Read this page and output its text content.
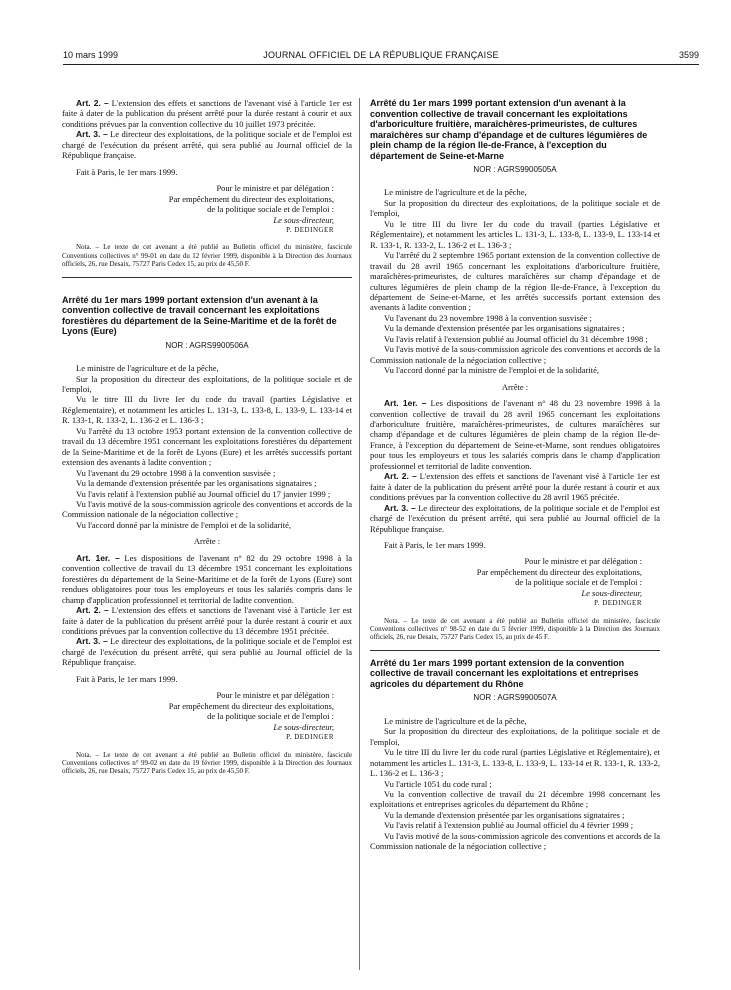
10 mars 1999	JOURNAL OFFICIEL DE LA RÉPUBLIQUE FRANÇAISE	3599

Art. 2. – L'extension des effets et sanctions de l'avenant visé à l'article 1er est faite à dater de la publication du présent arrêté pour la durée restant à courir et aux conditions prévues par la convention collective du 10 juillet 1973 précitée.

Art. 3. – Le directeur des exploitations, de la politique sociale et de l'emploi est chargé de l'exécution du présent arrêté, qui sera publié au Journal officiel de la République française.

Fait à Paris, le 1er mars 1999.

Pour le ministre et par délégation :

Par empêchement du directeur des exploitations,

de la politique sociale et de l'emploi :

Le sous-directeur,

P. DEDINGER

Nota. – Le texte de cet avenant a été publié au Bulletin officiel du ministère, fascicule Conventions collectives n° 99-01 en date du 12 février 1999, disponible à la Direction des Journaux officiels, 26, rue Desaix, 75727 Paris Cedex 15, au prix de 45,50 F.

Arrêté du 1er mars 1999 portant extension d'un avenant à la convention collective de travail concernant les exploitations forestières du département de la Seine-Maritime et de la forêt de Lyons (Eure)

NOR : AGRS9900506A

Le ministre de l'agriculture et de la pêche,

Sur la proposition du directeur des exploitations, de la politique sociale et de l'emploi,

Vu le titre III du livre Ier du code du travail (parties Législative et Réglementaire), et notamment les articles L. 131-3, L. 133-8, L. 133-9, L. 133-14 et R. 133-1, R. 133-2, L. 136-2 et L. 136-3 ;

Vu l'arrêté du 13 octobre 1953 portant extension de la convention collective de travail du 13 décembre 1951 concernant les exploitations forestières du département de la Seine-Maritime et de la forêt de Lyons (Eure) et les arrêtés successifs portant extension des avenants à ladite convention ;

Vu l'avenant du 29 octobre 1998 à la convention susvisée ;

Vu la demande d'extension présentée par les organisations signataires ;

Vu l'avis relatif à l'extension publié au Journal officiel du 17 janvier 1999 ;

Vu l'avis motivé de la sous-commission agricole des conventions et accords de la Commission nationale de la négociation collective ;

Vu l'accord donné par la ministre de l'emploi et de la solidarité,

Arrête :

Art. 1er. – Les dispositions de l'avenant n° 82 du 29 octobre 1998 à la convention collective de travail du 13 décembre 1951 concernant les exploitations forestières du département de la Seine-Maritime et de la forêt de Lyons (Eure) sont rendues obligatoires pour tous les employeurs et tous les salariés compris dans le champ d'application professionnel et territorial de ladite convention.

Art. 2. – L'extension des effets et sanctions de l'avenant visé à l'article 1er est faite à dater de la publication du présent arrêté pour la durée restant à courir et aux conditions prévues par la convention collective du 13 décembre 1951 précitée.

Art. 3. – Le directeur des exploitations, de la politique sociale et de l'emploi est chargé de l'exécution du présent arrêté, qui sera publié au Journal officiel de la République française.

Fait à Paris, le 1er mars 1999.

Pour le ministre et par délégation :

Par empêchement du directeur des exploitations,

de la politique sociale et de l'emploi :

Le sous-directeur,

P. DEDINGER

Nota. – Le texte de cet avenant a été publié au Bulletin officiel du ministère, fascicule Conventions collectives n° 99-02 en date du 19 février 1999, disponible à la Direction des Journaux officiels, 26, rue Desaix, 75727 Paris Cedex 15, au prix de 45,50 F.

Arrêté du 1er mars 1999 portant extension d'un avenant à la convention collective de travail concernant les exploitations d'arboriculture fruitière, maraîchères-primeuristes, de cultures maraîchères sur champ d'épandage et de cultures légumières de plein champ de la région Ile-de-France, à l'exception du département de Seine-et-Marne

NOR : AGRS9900505A

Le ministre de l'agriculture et de la pêche,

Sur la proposition du directeur des exploitations, de la politique sociale et de l'emploi,

Vu le titre III du livre Ier du code du travail (parties Législative et Réglementaire), et notamment les articles L. 131-3, L. 133-8, L. 133-9, L. 133-14 et R. 133-1, R. 133-2, L. 136-2 et L. 136-3 ;

Vu l'arrêté du 2 septembre 1965 portant extension de la convention collective de travail du 28 avril 1965 concernant les exploitations d'arboriculture fruitière, maraîchères-primeuristes, de cultures maraîchères sur champ d'épandage et de cultures légumières de plein champ de la région Ile-de-France, à l'exception du département de Seine-et-Marne, et les arrêtés successifs portant extension des avenants à ladite convention ;

Vu l'avenant du 23 novembre 1998 à la convention susvisée ;

Vu la demande d'extension présentée par les organisations signataires ;

Vu l'avis relatif à l'extension publié au Journal officiel du 31 décembre 1998 ;

Vu l'avis motivé de la sous-commission agricole des conventions et accords de la Commission nationale de la négociation collective ;

Vu l'accord donné par la ministre de l'emploi et de la solidarité,

Arrête :

Art. 1er. – Les dispositions de l'avenant n° 48 du 23 novembre 1998 à la convention collective de travail du 28 avril 1965 concernant les exploitations d'arboriculture fruitière, maraîchères-primeuristes, de cultures maraîchères sur champ d'épandage et de cultures légumières de plein champ de la région Ile-de-France, à l'exception du département de Seine-et-Marne, sont rendues obligatoires pour tous les employeurs et tous les salariés compris dans le champ d'application professionnel et territorial de ladite convention.

Art. 2. – L'extension des effets et sanctions de l'avenant visé à l'article 1er est faite à dater de la publication du présent arrêté pour la durée restant à courir et aux conditions prévues par la convention collective du 28 avril 1965 précitée.

Art. 3. – Le directeur des exploitations, de la politique sociale et de l'emploi est chargé de l'exécution du présent arrêté, qui sera publié au Journal officiel de la République française.

Fait à Paris, le 1er mars 1999.

Pour le ministre et par délégation :

Par empêchement du directeur des exploitations,

de la politique sociale et de l'emploi :

Le sous-directeur,

P. DEDINGER

Nota. – Le texte de cet avenant a été publié au Bulletin officiel du ministère, fascicule Conventions collectives n° 98-52 en date du 5 février 1999, disponible à la Direction des Journaux officiels, 26, rue Desaix, 75727 Paris Cedex 15, au prix de 45 F.

Arrêté du 1er mars 1999 portant extension de la convention collective de travail concernant les exploitations et entreprises agricoles du département du Rhône

NOR : AGRS9900507A

Le ministre de l'agriculture et de la pêche,

Sur la proposition du directeur des exploitations, de la politique sociale et de l'emploi,

Vu le titre III du livre Ier du code rural (parties Législative et Réglementaire), et notamment les articles L. 131-3, L. 133-8, L. 133-9, L. 133-14 et R. 133-1, R. 133-2, L. 136-2 et L. 136-3 ;

Vu l'article 1051 du code rural ;

Vu la convention collective de travail du 21 décembre 1998 concernant les exploitations et entreprises agricoles du département du Rhône ;

Vu la demande d'extension présentée par les organisations signataires ;

Vu l'avis relatif à l'extension publié au Journal officiel du 4 février 1999 ;

Vu l'avis motivé de la sous-commission agricole des conventions et accords de la Commission nationale de la négociation collective ;
